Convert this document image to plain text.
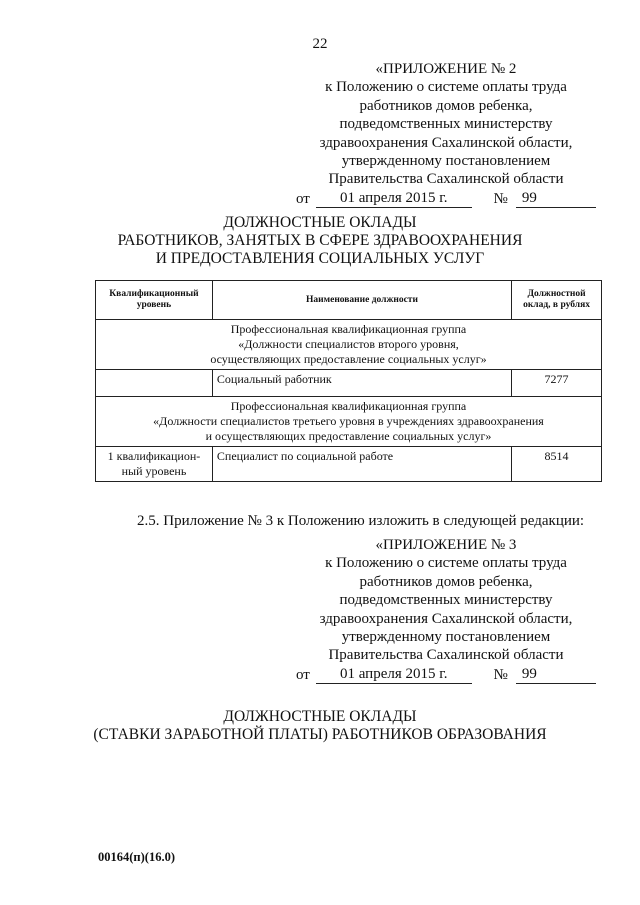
22
«ПРИЛОЖЕНИЕ № 2
к Положению о системе оплаты труда
работников домов ребенка,
подведомственных министерству
здравоохранения Сахалинской области,
утвержденному постановлением
Правительства Сахалинской области
от	01 апреля 2015 г.	№ 99
ДОЛЖНОСТНЫЕ ОКЛАДЫ
РАБОТНИКОВ, ЗАНЯТЫХ В СФЕРЕ ЗДРАВООХРАНЕНИЯ
И ПРЕДОСТАВЛЕНИЯ СОЦИАЛЬНЫХ УСЛУГ
Квалификационный
уровень	Наименование должности	Должностной
оклад, в рублях

Профессиональная квалификационная группа
«Должности специалистов второго уровня,
осуществляющих предоставление социальных услуг»		

	Социальный работник	7277

Профессиональная квалификационная группа
«Должности специалистов третьего уровня в учреждениях здравоохранения
и осуществляющих предоставление социальных услуг»		

1 квалификацион-
ный уровень	Специалист по социальной работе	8514
2.5. Приложение № 3 к Положению изложить в следующей редакции:
«ПРИЛОЖЕНИЕ № 3
к Положению о системе оплаты труда
работников домов ребенка,
подведомственных министерству
здравоохранения Сахалинской области,
утвержденному постановлением
Правительства Сахалинской области
от	01 апреля 2015 г.	№ 99
ДОЛЖНОСТНЫЕ ОКЛАДЫ
(СТАВКИ ЗАРАБОТНОЙ ПЛАТЫ) РАБОТНИКОВ ОБРАЗОВАНИЯ
00164(п)(16.0)
